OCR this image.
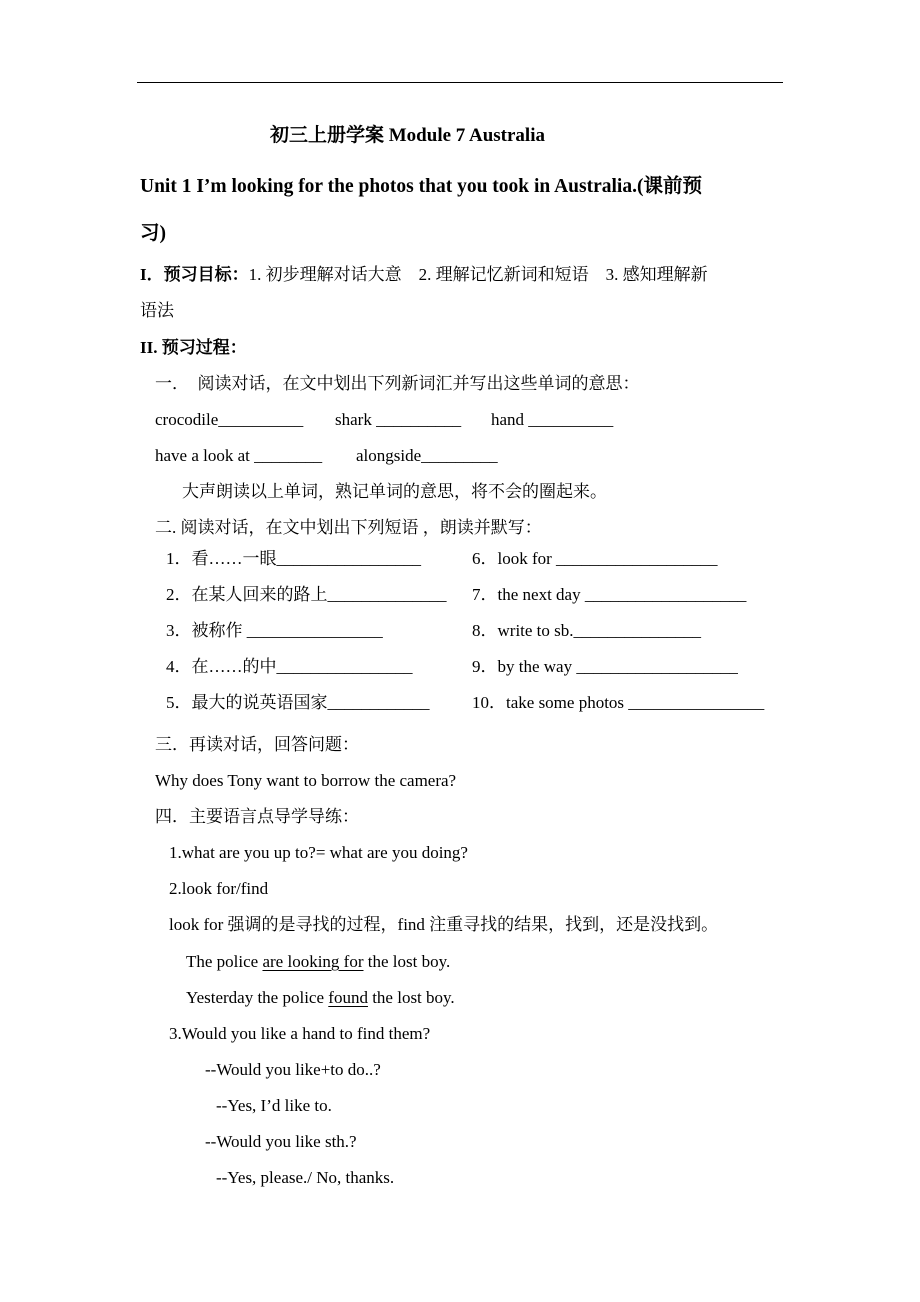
初三上册学案 Module 7 Australia
Unit 1 I’m looking for the photos that you took in Australia.(课前预
习)
I．预习目标：1. 初步理解对话大意　2. 理解记忆新词和短语　3. 感知理解新
语法
II. 预习过程：
一．　阅读对话，在文中划出下列新词汇并写出这些单词的意思：
crocodile__________ shark __________ hand __________
have a look at ________ alongside_________
大声朗读以上单词，熟记单词的意思，将不会的圈起来。
二. 阅读对话，在文中划出下列短语 ，朗读并默写：
1．看……一眼_________________
2．在某人回来的路上______________
3．被称作 ________________
4．在……的中________________
5．最大的说英语国家____________
6．look for ___________________
7．the next day ___________________
8．write to sb._______________
9．by the way ___________________
10．take some photos ________________
三．再读对话，回答问题：
Why does Tony want to borrow the camera?
四．主要语言点导学导练：
1.what are you up to?= what are you doing?
2.look for/find
look for 强调的是寻找的过程，find 注重寻找的结果，找到，还是没找到。
The police are looking for the lost boy.
Yesterday the police found the lost boy.
3.Would you like a hand to find them?
--Would you like+to do..?
--Yes, I’d like to.
--Would you like sth.?
--Yes, please./ No, thanks.
